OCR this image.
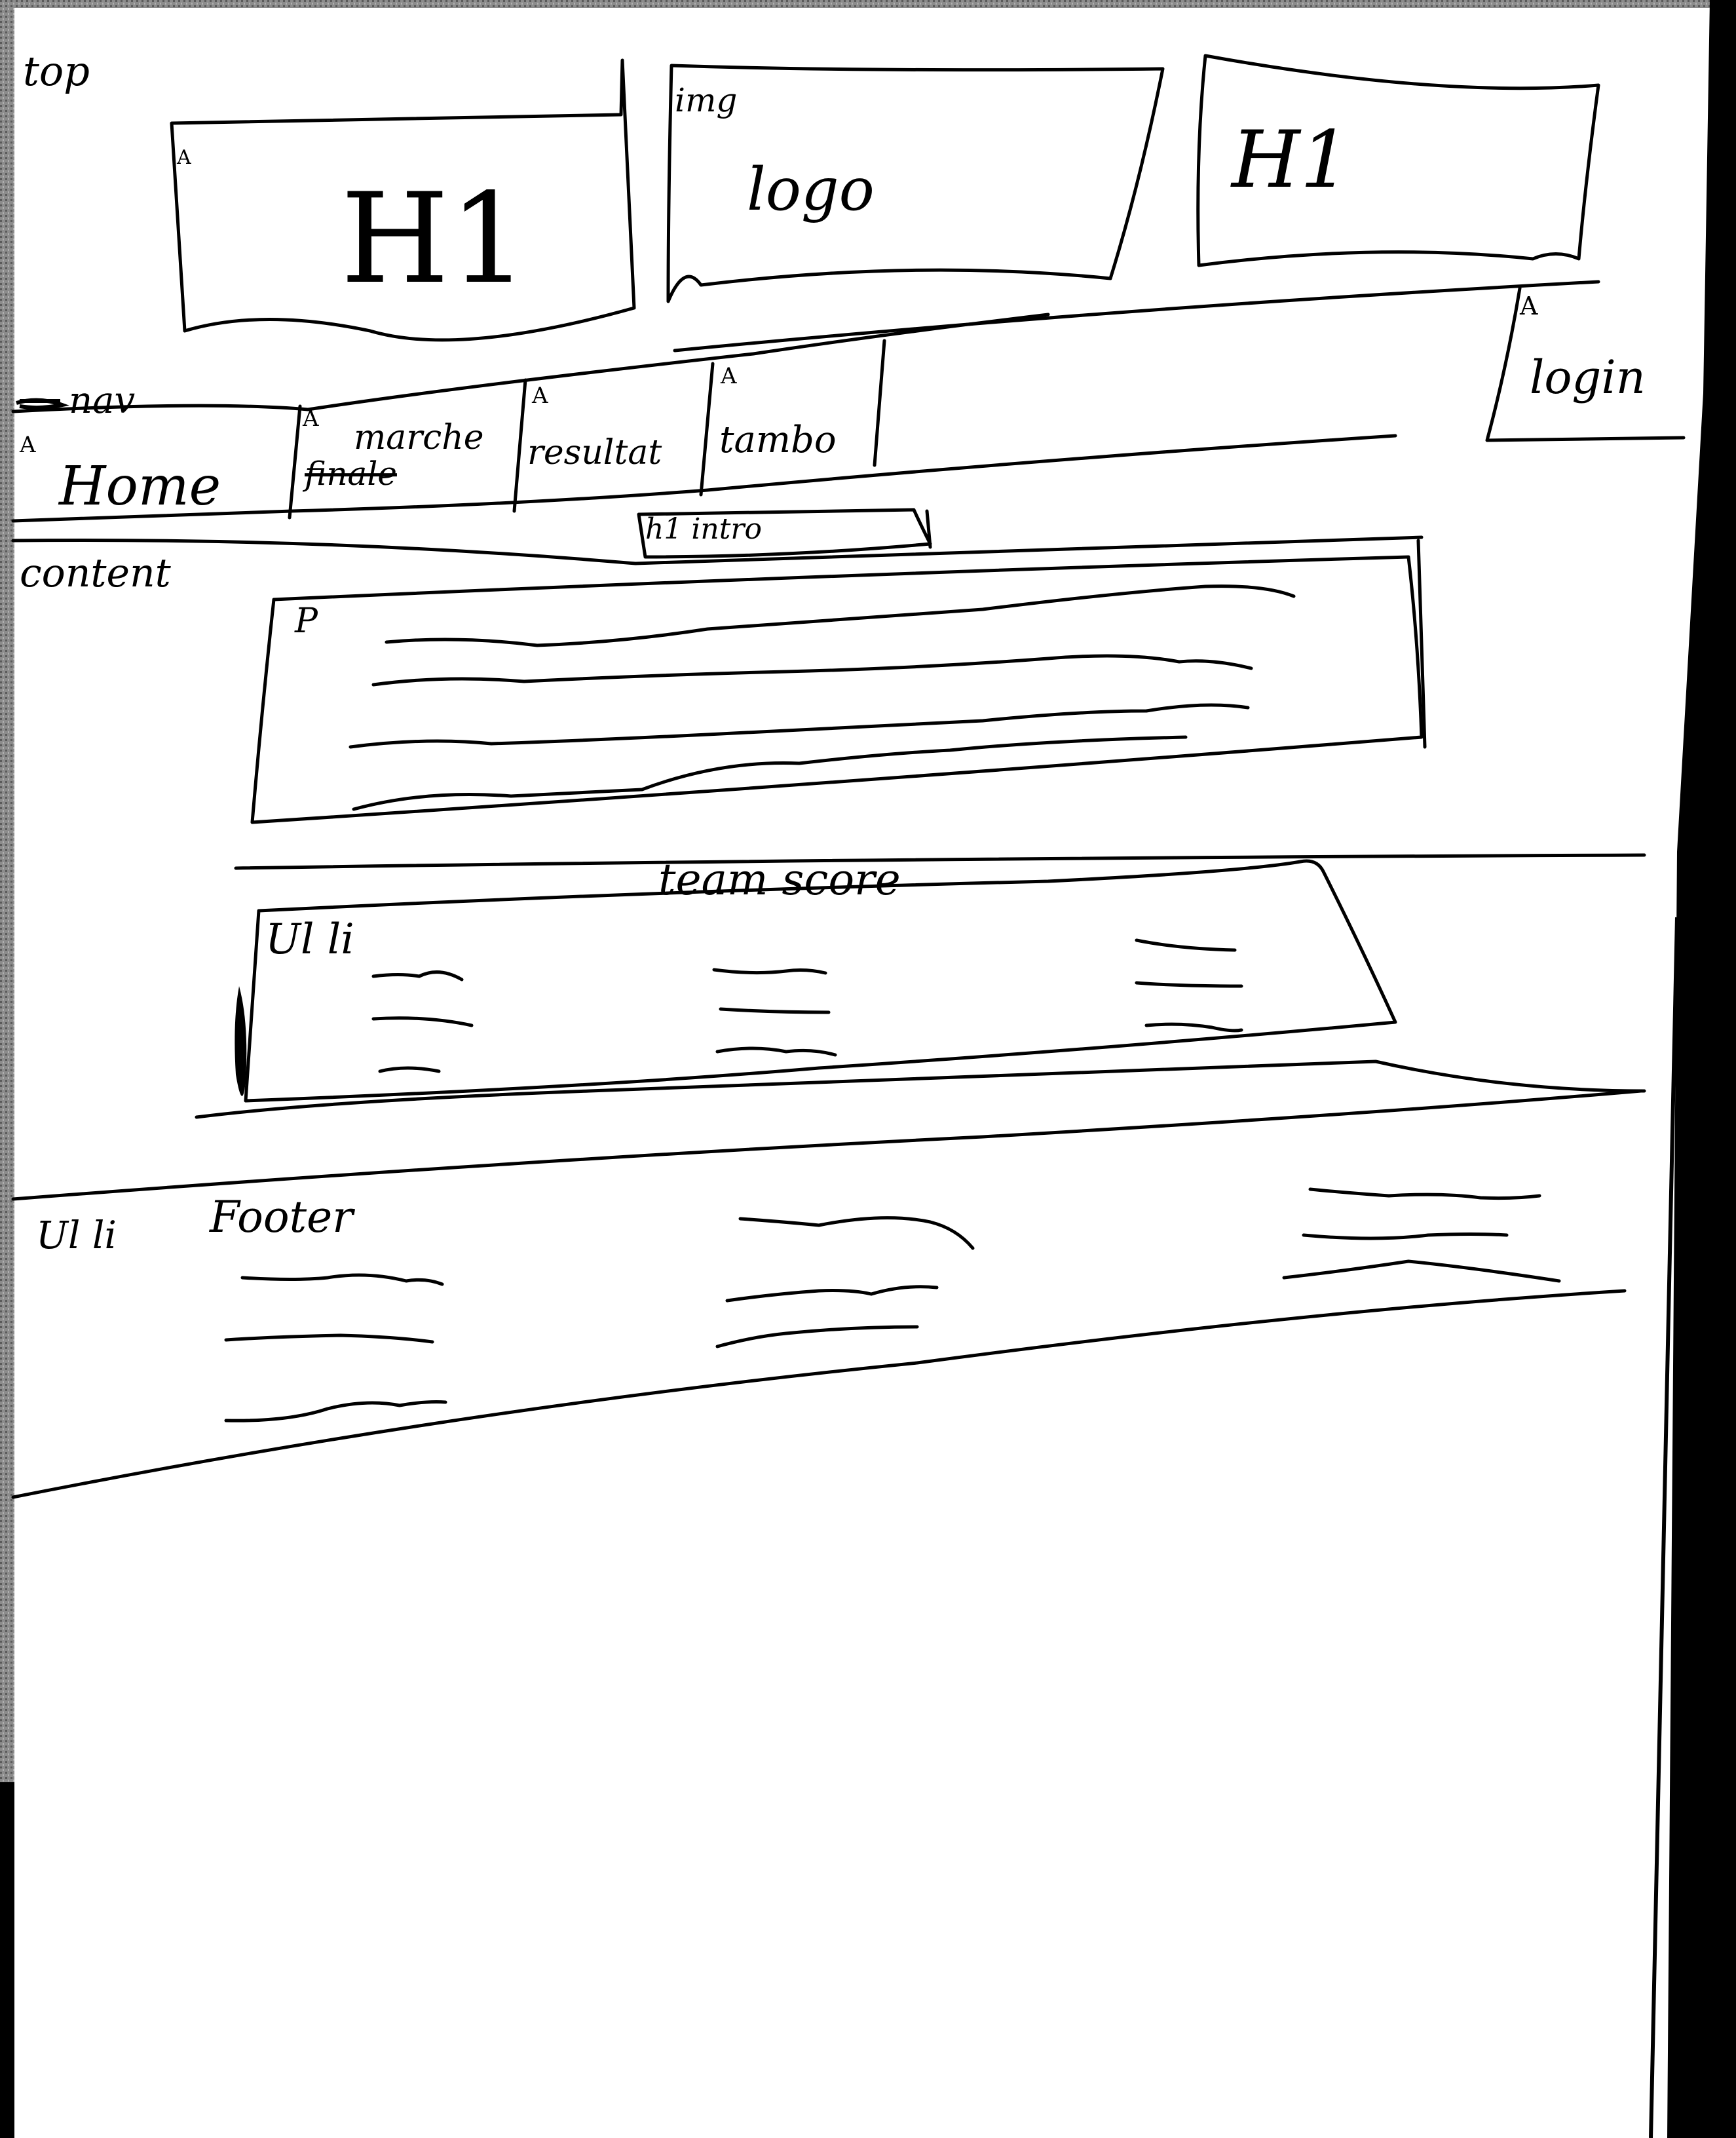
top
A
H1
img
logo	H1
nav
A
Home
A marche
finale
A
resultat
A
tambo
A
login
h1 intro
content
P
team score
Ul li
Ul li Footer
